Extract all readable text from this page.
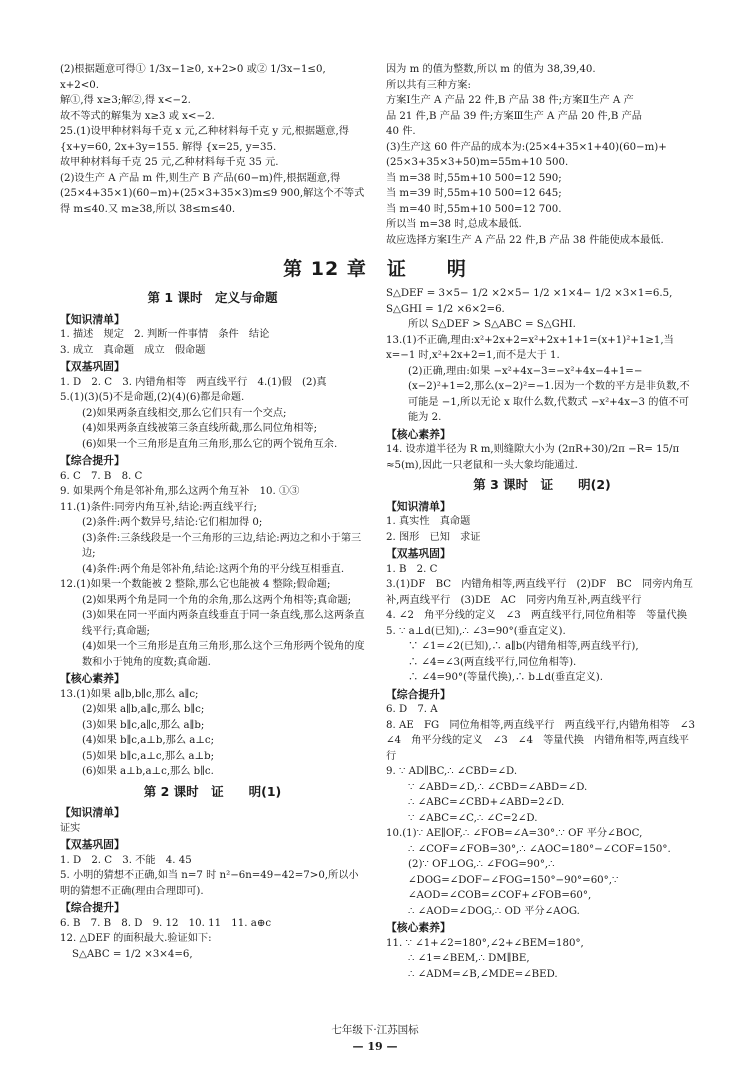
(2)根据题意可得① 1/3x−1≥0, x+2>0 或② 1/3x−1≤0, x+2<0.
解①,得 x≥3;解②,得 x<−2.
故不等式的解集为 x≥3 或 x<−2.
25.(1)设甲种材料每千克 x 元,乙种材料每千克 y 元,根据题意,得
{x+y=60, 2x+3y=155. 解得 {x=25, y=35.
故甲种材料每千克 25 元,乙种材料每千克 35 元.
(2)设生产 A 产品 m 件,则生产 B 产品(60−m)件,根据题意,得
(25×4+35×1)(60−m)+(25×3+35×3)m≤9 900,解这个不等式
得 m≤40.又 m≥38,所以 38≤m≤40.
因为 m 的值为整数,所以 m 的值为 38,39,40.
所以共有三种方案:
方案Ⅰ生产 A 产品 22 件,B 产品 38 件;方案Ⅱ生产 A 产
品 21 件,B 产品 39 件;方案Ⅲ生产 A 产品 20 件,B 产品
40 件.
(3)生产这 60 件产品的成本为:(25×4+35×1+40)(60−m)+
(25×3+35×3+50)m=55m+10 500.
当 m=38 时,55m+10 500=12 590;
当 m=39 时,55m+10 500=12 645;
当 m=40 时,55m+10 500=12 700.
所以当 m=38 时,总成本最低.
故应选择方案Ⅰ生产 A 产品 22 件,B 产品 38 件能使成本最低.
第 12 章　证　　明
第 1 课时　定义与命题
【知识清单】
1. 描述　规定　2. 判断一件事情　条件　结论
3. 成立　真命题　成立　假命题
【双基巩固】
1. D　2. C　3. 内错角相等　两直线平行　4.(1)假　(2)真
5.(1)(3)(5)不是命题,(2)(4)(6)都是命题.
(2)如果两条直线相交,那么它们只有一个交点;
(4)如果两条直线被第三条直线所截,那么同位角相等;
(6)如果一个三角形是直角三角形,那么它的两个锐角互余.
【综合提升】
6. C　7. B　8. C
9. 如果两个角是邻补角,那么这两个角互补　10. ①③
11.(1)条件:同旁内角互补,结论:两直线平行;
(2)条件:两个数异号,结论:它们相加得 0;
(3)条件:三条线段是一个三角形的三边,结论:两边之和小于第三边;
(4)条件:两个角是邻补角,结论:这两个角的平分线互相垂直.
12.(1)如果一个数能被 2 整除,那么它也能被 4 整除;假命题;
(2)如果两个角是同一个角的余角,那么这两个角相等;真命题;
(3)如果在同一平面内两条直线垂直于同一条直线,那么这两条直线平行;真命题;
(4)如果一个三角形是直角三角形,那么这个三角形两个锐角的度数和小于钝角的度数;真命题.
【核心素养】
13.(1)如果 a∥b,b∥c,那么 a∥c;
(2)如果 a∥b,a∥c,那么 b∥c;
(3)如果 b∥c,a∥c,那么 a∥b;
(4)如果 b∥c,a⊥b,那么 a⊥c;
(5)如果 b∥c,a⊥c,那么 a⊥b;
(6)如果 a⊥b,a⊥c,那么 b∥c.
第 2 课时　证　　明(1)
【知识清单】
证实
【双基巩固】
1. D　2. C　3. 不能　4. 45
5. 小明的猜想不正确,如当 n=7 时 n²−6n=49−42=7>0,所以小明的猜想不正确(理由合理即可).
【综合提升】
6. B　7. B　8. D　9. 12　10. 11　11. a⊕c
12. △DEF 的面积最大.验证如下:
S△ABC = 1/2 ×3×4=6,
S△DEF = 3×5− 1/2 ×2×5− 1/2 ×1×4− 1/2 ×3×1=6.5,
S△GHI = 1/2 ×6×2=6.
所以 S△DEF > S△ABC = S△GHI.
13.(1)不正确,理由:x²+2x+2=x²+2x+1+1=(x+1)²+1≥1,当 x=−1 时,x²+2x+2=1,而不是大于 1.
(2)正确,理由:如果 −x²+4x−3=−x²+4x−4+1=−(x−2)²+1=2,那么(x−2)²=−1.因为一个数的平方是非负数,不可能是 −1,所以无论 x 取什么数,代数式 −x²+4x−3 的值不可能为 2.
【核心素养】
14. 设赤道半径为 R m,则缝隙大小为 (2πR+30)/2π −R= 15/π ≈5(m),因此一只老鼠和一头大象均能通过.
第 3 课时　证　　明(2)
【知识清单】
1. 真实性　真命题
2. 图形　已知　求证
【双基巩固】
1. B　2. C
3.(1)DF　BC　内错角相等,两直线平行　(2)DF　BC　同旁内角互补,两直线平行　(3)DE　AC　同旁内角互补,两直线平行
4. ∠2　角平分线的定义　∠3　两直线平行,同位角相等　等量代换
5. ∵ a⊥d(已知),∴ ∠3=90°(垂直定义).
∵ ∠1=∠2(已知),∴ a∥b(内错角相等,两直线平行),
∴ ∠4=∠3(两直线平行,同位角相等).
∴ ∠4=90°(等量代换),∴ b⊥d(垂直定义).
【综合提升】
6. D　7. A
8. AE　FG　同位角相等,两直线平行　两直线平行,内错角相等　∠3　∠4　角平分线的定义　∠3　∠4　等量代换　内错角相等,两直线平行
9. ∵ AD∥BC,∴ ∠CBD=∠D.
∵ ∠ABD=∠D,∴ ∠CBD=∠ABD=∠D.
∴ ∠ABC=∠CBD+∠ABD=2∠D.
∵ ∠ABC=∠C,∴ ∠C=2∠D.
10.(1)∵ AE∥OF,∴ ∠FOB=∠A=30°.∵ OF 平分∠BOC,
∴ ∠COF=∠FOB=30°,∴ ∠AOC=180°−∠COF=150°.
(2)∵ OF⊥OG,∴ ∠FOG=90°,∴ ∠DOG=∠DOF−∠FOG=150°−90°=60°,∵ ∠AOD=∠COB=∠COF+∠FOB=60°,
∴ ∠AOD=∠DOG,∴ OD 平分∠AOG.
【核心素养】
11. ∵ ∠1+∠2=180°,∠2+∠BEM=180°,
∴ ∠1=∠BEM,∴ DM∥BE,
∴ ∠ADM=∠B,∠MDE=∠BED.
七年级下·江苏国标
— 19 —
